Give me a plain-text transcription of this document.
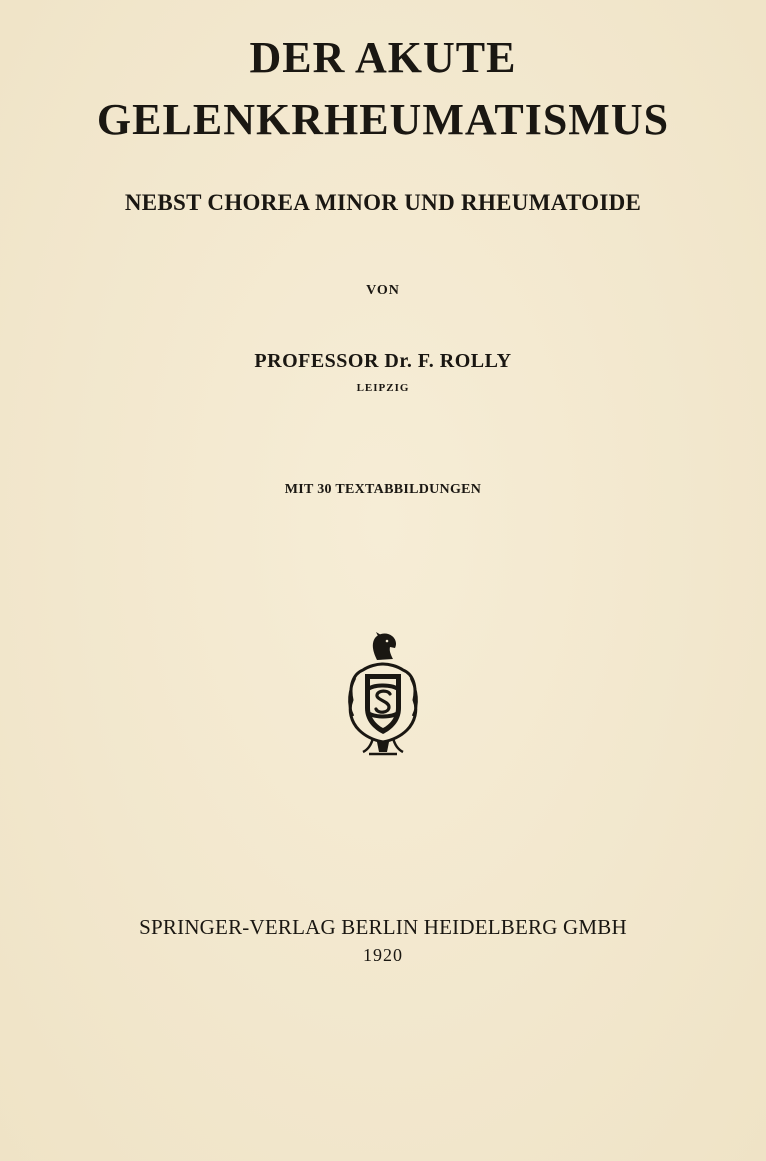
DER AKUTE
GELENKRHEUMATISMUS
NEBST CHOREA MINOR UND RHEUMATOIDE
VON
PROFESSOR Dr. F. ROLLY
LEIPZIG
MIT 30 TEXTABBILDUNGEN
SPRINGER-VERLAG BERLIN HEIDELBERG GMBH
1920
